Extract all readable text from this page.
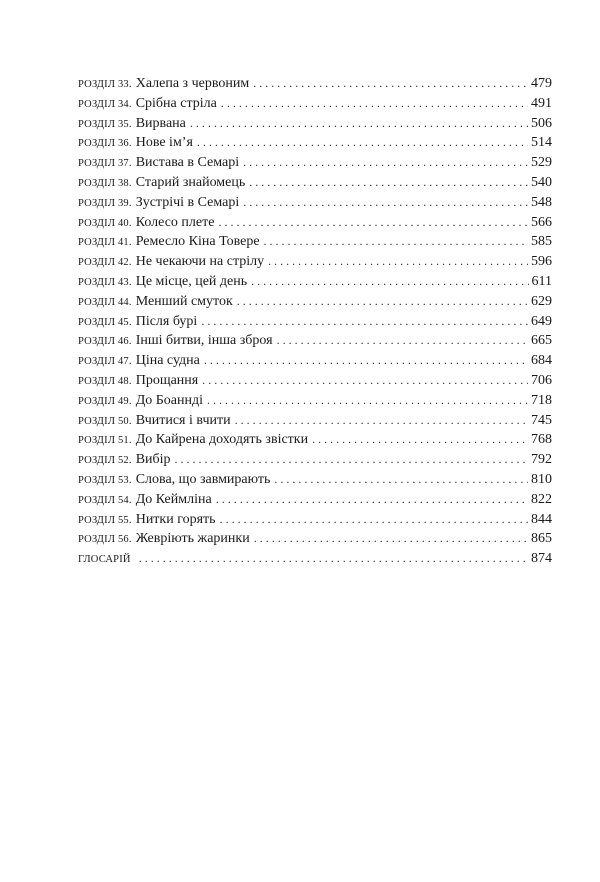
РОЗДІЛ 33. Халепа з червоним . . .	479
РОЗДІЛ 34. Срібна стріла . . .	491
РОЗДІЛ 35. Вирвана . . .	506
РОЗДІЛ 36. Нове ім’я . . .	514
РОЗДІЛ 37. Вистава в Семарі . . .	529
РОЗДІЛ 38. Старий знайомець . . .	540
РОЗДІЛ 39. Зустрічі в Семарі . . .	548
РОЗДІЛ 40. Колесо плете . . .	566
РОЗДІЛ 41. Ремесло Кіна Товере . . .	585
РОЗДІЛ 42. Не чекаючи на стрілу . . .	596
РОЗДІЛ 43. Це місце, цей день . . .	611
РОЗДІЛ 44. Менший смуток . . .	629
РОЗДІЛ 45. Після бурі . . .	649
РОЗДІЛ 46. Інші битви, інша зброя . . .	665
РОЗДІЛ 47. Ціна судна . . .	684
РОЗДІЛ 48. Прощання . . .	706
РОЗДІЛ 49. До Боанндi . . .	718
РОЗДІЛ 50. Вчитися і вчити . . .	745
РОЗДІЛ 51. До Кайрена доходять звістки . . .	768
РОЗДІЛ 52. Вибір . . .	792
РОЗДІЛ 53. Слова, що завмирають . . .	810
РОЗДІЛ 54. До Кеймліна . . .	822
РОЗДІЛ 55. Нитки горять . . .	844
РОЗДІЛ 56. Жевріють жаринки . . .	865
ГЛОСАРІЙ . . .	874
